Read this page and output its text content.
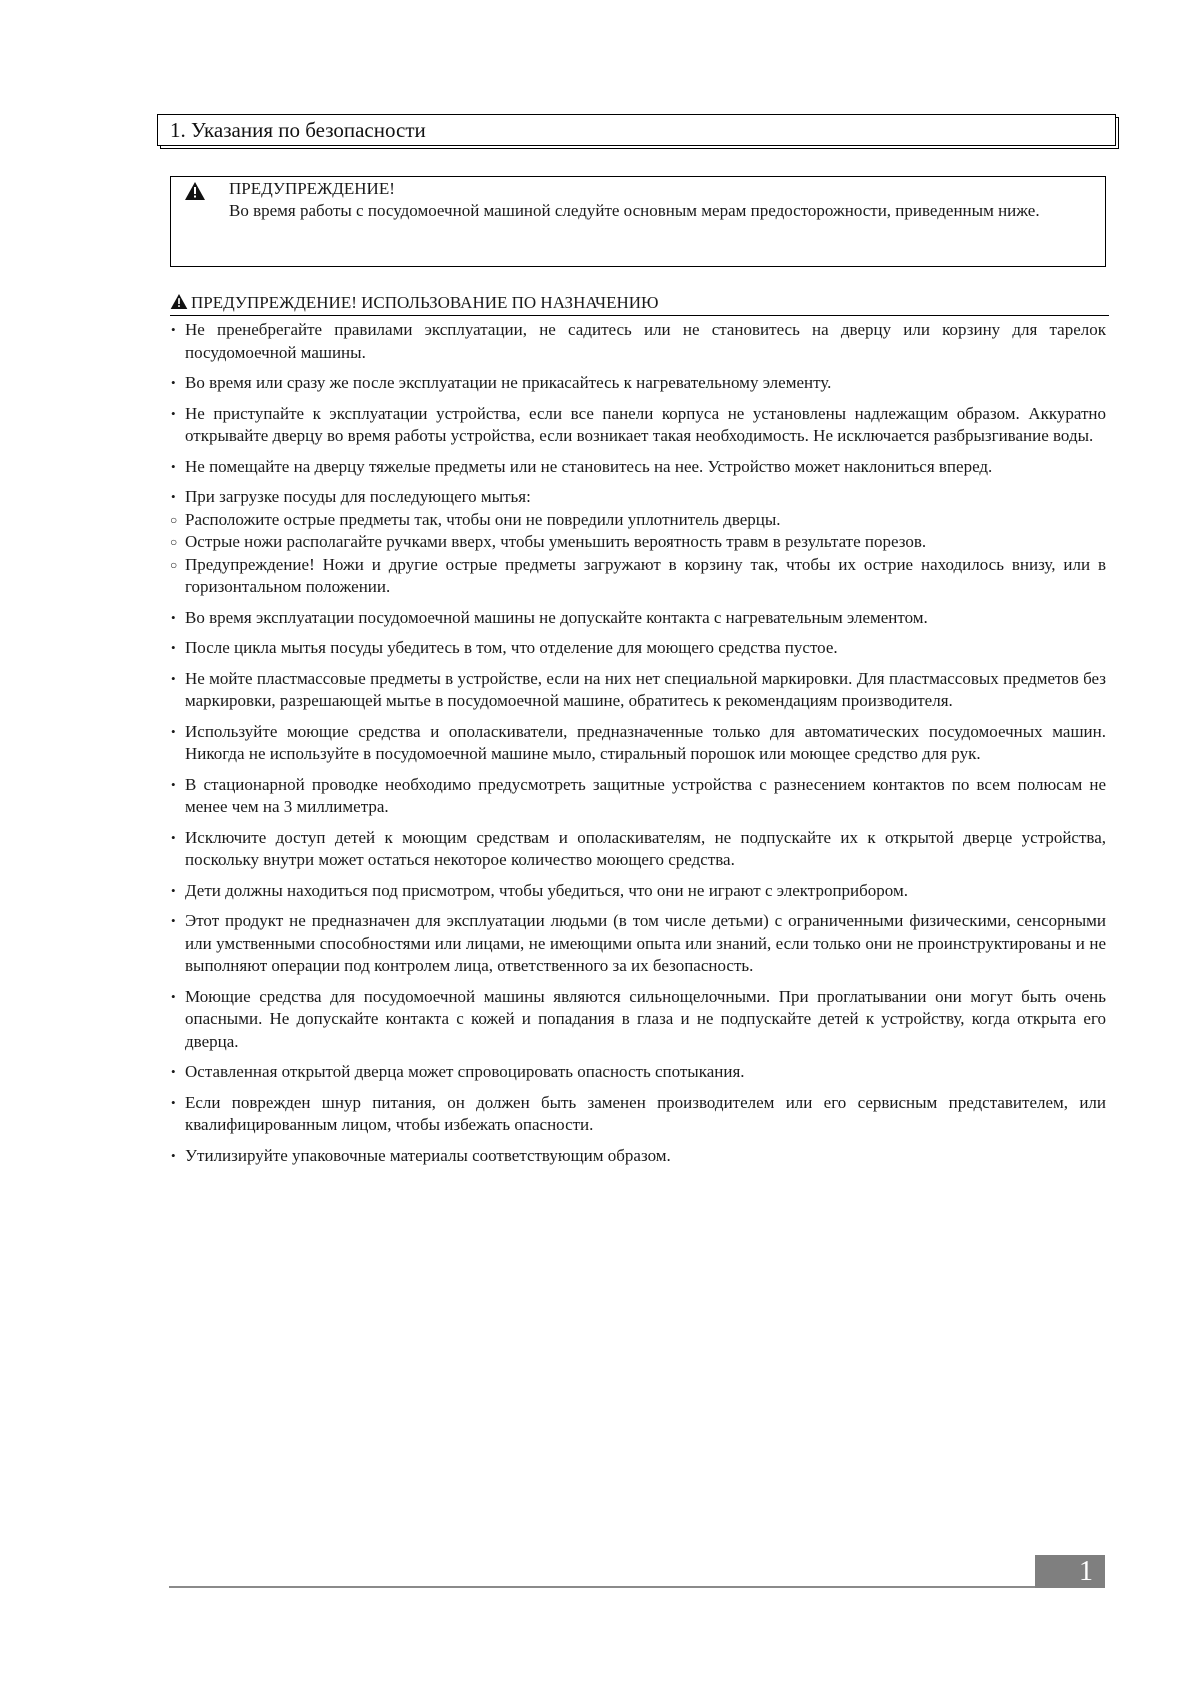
1. Указания по безопасности
ПРЕДУПРЕЖДЕНИЕ!
Во время работы с посудомоечной машиной следуйте основным мерам предосторожности, приведенным ниже.
ПРЕДУПРЕЖДЕНИЕ! ИСПОЛЬЗОВАНИЕ ПО НАЗНАЧЕНИЮ
• Не пренебрегайте правилами эксплуатации, не садитесь или не становитесь на дверцу или корзину для тарелок посудомоечной машины.
• Во время или сразу же после эксплуатации не прикасайтесь к нагревательному элементу.
• Не приступайте к эксплуатации устройства, если все панели корпуса не установлены надлежащим образом. Аккуратно открывайте дверцу во время работы устройства, если возникает такая необходимость. Не исключается разбрызгивание воды.
• Не помещайте на дверцу тяжелые предметы или не становитесь на нее. Устройство может наклониться вперед.
• При загрузке посуды для последующего мытья:
○ Расположите острые предметы так, чтобы они не повредили уплотнитель дверцы.
○ Острые ножи располагайте ручками вверх, чтобы уменьшить вероятность травм в результате порезов.
○ Предупреждение! Ножи и другие острые предметы загружают в корзину так, чтобы их острие находилось внизу, или в горизонтальном положении.
• Во время эксплуатации посудомоечной машины не допускайте контакта с нагревательным элементом.
• После цикла мытья посуды убедитесь в том, что отделение для моющего средства пустое.
• Не мойте пластмассовые предметы в устройстве, если на них нет специальной маркировки. Для пластмассовых предметов без маркировки, разрешающей мытье в посудомоечной машине, обратитесь к рекомендациям производителя.
• Используйте моющие средства и ополаскиватели, предназначенные только для автоматических посудомоечных машин. Никогда не используйте в посудомоечной машине мыло, стиральный порошок или моющее средство для рук.
• В стационарной проводке необходимо предусмотреть защитные устройства с разнесением контактов по всем полюсам не менее чем на 3 миллиметра.
• Исключите доступ детей к моющим средствам и ополаскивателям, не подпускайте их к открытой дверце устройства, поскольку внутри может остаться некоторое количество моющего средства.
• Дети должны находиться под присмотром, чтобы убедиться, что они не играют с электроприбором.
• Этот продукт не предназначен для эксплуатации людьми (в том числе детьми) с ограниченными физическими, сенсорными или умственными способностями или лицами, не имеющими опыта или знаний, если только они не проинструктированы и не выполняют операции под контролем лица, ответственного за их безопасность.
• Моющие средства для посудомоечной машины являются сильнощелочными. При проглатывании они могут быть очень опасными. Не допускайте контакта с кожей и попадания в глаза и не подпускайте детей к устройству, когда открыта его дверца.
• Оставленная открытой дверца может спровоцировать опасность спотыкания.
• Если поврежден шнур питания, он должен быть заменен производителем или его сервисным представителем, или квалифицированным лицом, чтобы избежать опасности.
• Утилизируйте упаковочные материалы соответствующим образом.
1
